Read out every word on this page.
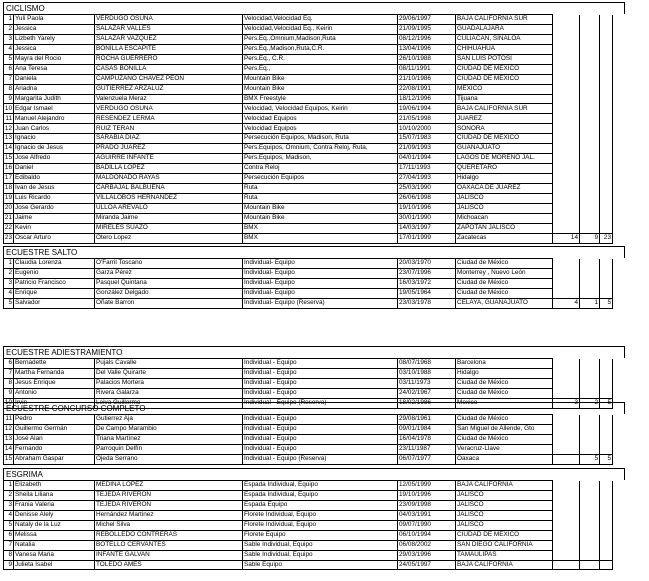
CICLISMO
1	Yuli Paola	VERDUGO OSUNA	Velocidad,Velocidad Eq.	29/06/1997	BAJA CALIFORNIA SUR			
2	Jessica	SALAZAR VALLES	Velocidad,Velocidad Eq., Keirin	21/09/1995	GUADALAJARA			
3	Lizbeth Yarely	SALAZAR VAZQUEZ	Pers.Eq.,Omnium,Madison,Ruta	08/12/1996	CULIACAN, SINALOA			
4	Jessica	BONILLA ESCAPITE	Pers.Eq.,Madison,Ruta,C.R.	13/04/1996	CHIHUAHUA			
5	Mayra del Rocio	ROCHA GUERRERO	Pers.Eq., C.R.	26/10/1988	SAN LUIS POTOSI			
6	Ana Teresa	CASAS BONILLA	Pers.Eq.,	08/11/1991	CIUDAD DE MEXICO			
7	Daniela	CAMPUZANO CHAVEZ PEON	Mountain Bike	21/10/1986	CIUDAD DE MEXICO			
8	Ariadna	GUTIERREZ ARZALUZ	Mountain Bike	22/08/1991	MEXICO			
9	Margarita Judith	Valenzuela Meraz	BMX Freestyle	18/12/1996	Tijuana			
10	Edgar Ismael	VERDUGO OSUNA	Velocidad, Velocidad Equipos, Keirin	19/06/1994	BAJA CALIFORNIA SUR			
11	Manuel Alejandro	RESENDEZ LERMA	Velocidad Equipos	21/05/1998	JUAREZ			
12	Juan Carlos	RUIZ TERAN	Velocidad Equipos	10/10/2000	SONORA			
13	Ignacio	SARABIA DIAZ	Persecución Equipos, Madison, Ruta	15/07/1983	CIUDAD DE MEXICO			
14	Ignacio de Jesus	PRADO JUAREZ	Pers.Equipos, Omnium, Contra Reloj, Ruta,	21/09/1993	GUANAJUATO			
15	Jose Alfredo	AGUIRRE INFANTE	Pers.Equipos, Madison,	04/01/1994	LAGOS DE MORENO JAL.			
16	Daniel	BADILLA LOPEZ	Contra Reloj	17/11/1993	QUERETARO			
17	Edibaldo	MALDONADO RAYAS	Persecución Equipos	27/04/1993	Hidalgo			
18	Ivan de Jesus	CARBAJAL BALBUENA	Ruta	25/03/1990	OAXACA DE JUAREZ			
19	Luis Ricardo	VILLALOBOS HERNANDEZ	Ruta	26/06/1998	JALISCO			
20	Jose Gerardo	ULLOA AREVALO	Mountain Bike	19/10/1996	JALISCO			
21	Jaime	Miranda Jaime	Mountain Bike	30/01/1990	Michoacan			
22	Kevin	MIRELES SUAZO	BMX	14/03/1997	ZAPOTAN JALISCO			
23	Oscar Arturo	Otero Lopez	BMX	17/01/1999	Zacatecas	14	9	23
ECUESTRE SALTO
1	Claudia Lorenza	O'Farril Toscano	Individual- Equipo	20/03/1970	Ciudad de México			
2	Eugenio	Garza Pérez	Individual- Equipo	23/07/1996	Monterrey , Nuevo León			
3	Patricio Francisco	Pasquel Quintana	Individual- Equipo	16/03/1972	Ciudad de México			
4	Enrique	González Delgado	Individual- Equipo	19/05/1964	Ciudad de México			
5	Salvador	Oñate Barron	Individual- Equipo (Reserva)	23/03/1978	CELAYA, GUANAJUATO	4	1	5
ECUESTRE ADIESTRAMIENTO
6	Bernadette	Pujals Cavalle	Individual - Equipo	08/07/1968	Barcelona			
7	Martha Fernanda	Del Valle Quirarte	Individual - Equipo	03/10/1988	Hidalgo			
8	Jesus Enrique	Palacios Mortera	Individual - Equipo	03/11/1973	Ciudad de México			
9	Antonio	Rivera Galarza	Individual - Equipo	24/02/1967	Ciudad de México			
10	Irvin	Leiva Guillermo	Individual - Equipo (Reserva)	18/02/1986	Mexico	3	2	5
ECUESTRE CONCURSO COMPLETO
11	Pedro	Gutierrez Aja	Individual - Equipo	29/08/1961	Ciudad de México			
12	Guillermo Germán	De Campo Marambio	Individual - Equipo	09/01/1984	San Miguel de Allende, Gto			
13	José Alan	Triana Martínez	Individual - Equipo	16/04/1978	Ciudad de México			
14	Fernando	Parroquin Delfín	Individual - Equipo	23/11/1987	Veracruz-Llave			
15	Abraham Gaspar	Ojeda Serrano	Individual - Equipo (Reserva)	06/07/1977	Oaxaca		5	5
ESGRIMA
1	Elizabeth	MEDINA LOPEZ	Espada Individual, Equipo	12/05/1999	BAJA CALIFORNIA			
2	Sheila Liliana	TEJEDA RIVERON	Espada Individual, Equipo	19/10/1996	JALISCO			
3	Frania Valeria	TEJEDA RIVERON	Espada Equipo	23/09/1998	JALISCO			
4	Denisse Alely	Hernández Martinez	Florete Individual, Equipo	04/03/1991	JALISCO			
5	Nataly de la Luz	Michel Silva	Florete Individual, Equipo	09/07/1990	JALISCO			
6	Melissa	REBOLLEDO CONTRERAS	Florete Equipo	06/10/1994	CIUDAD DE MEXICO			
7	Natalia	BOTELLO CERVANTES	Sable Individual, Equipo	06/08/2002	SAN DIEGO CALIFORNIA			
8	Vanesa Maria	INFANTE GALVAN	Sable Individual, Equipo	29/03/1996	TAMAULIPAS			
9	Julieta Isabel	TOLEDO AMES	Sable Equipo	24/05/1997	BAJA CALIFORNIA			
